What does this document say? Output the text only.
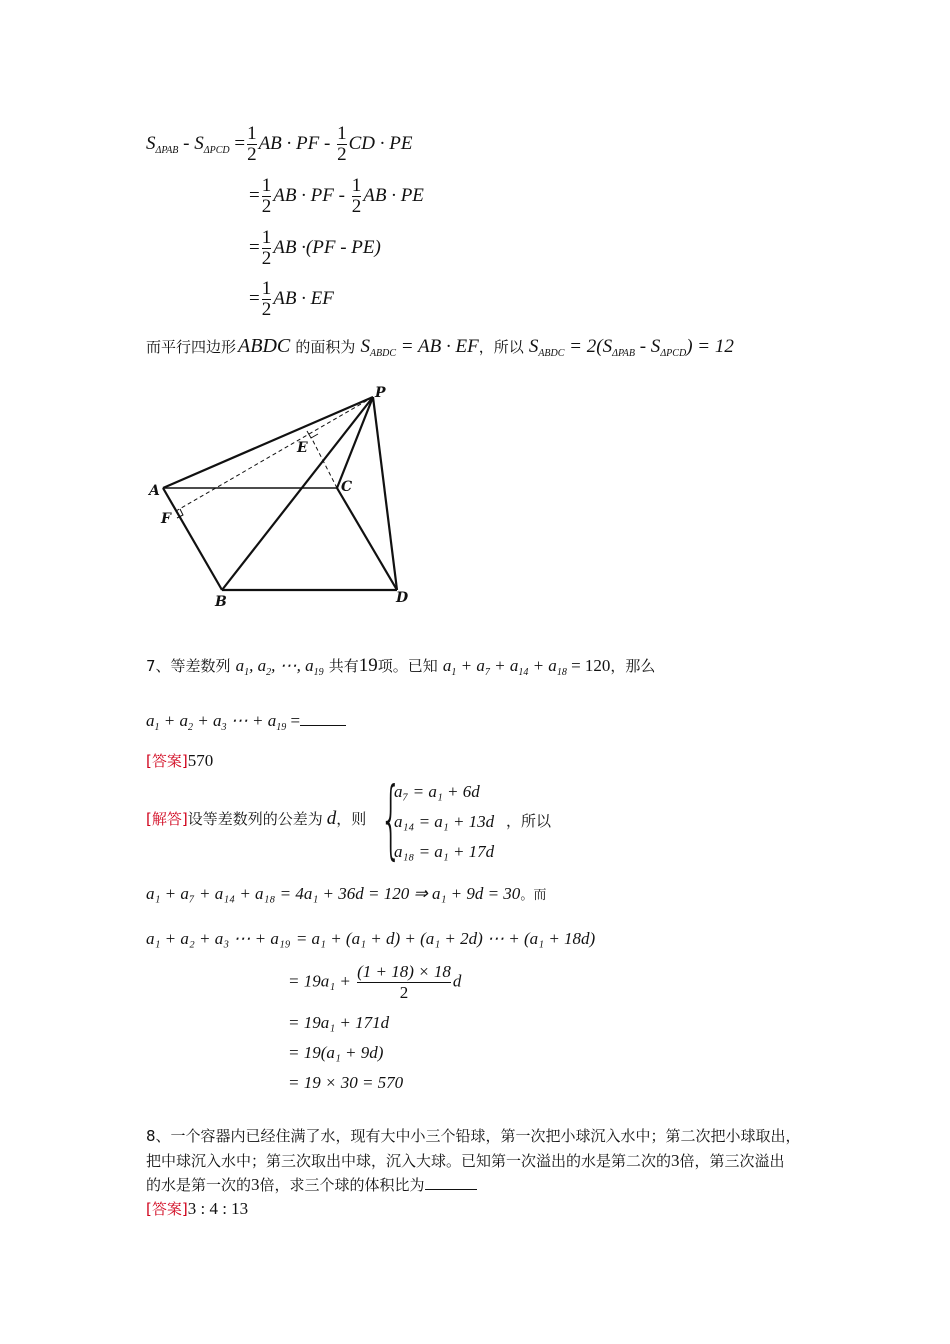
$S_{\Delta PAB} - S_{\Delta PCD} = \frac{1}{2}$ AB · PF - $\frac{1}{2}$ CD · PE
= $\frac{1}{2}$ AB · PF - $\frac{1}{2}$ AB · PE
= $\frac{1}{2}$ AB ·(PF - PE)
= $\frac{1}{2}$ AB · EF
而平行四边形 ABDC 的面积为 $S_{ABDC}$ = AB · EF，所以 $S_{ABDC} = 2(S_{\Delta PAB} - S_{\Delta PCD}) = 12$
P
E
A	C
F
B	D
7、等差数列 $a_1$, $a_2$, ⋯, $a_{19}$ 共有19项。已知 $a_1 + a_7 + a_{14} + a_{18} = 120$，那么
$a_1 + a_2 + a_3$ ⋯ + $a_{19}$ =
[答案]570
[解答]设等差数列的公差为 d，则 {
a₇ = a₁ + 6d
a₁₄ = a₁ + 13d
a₁₈ = a₁ + 17d
，所以
a₁ + a₇ + a₁₄ + a₁₈ = 4a₁ + 36d = 120 ⇒ a₁ + 9d = 30。而
a₁ + a₂ + a₃ ⋯ + a₁₉ = a₁ + (a₁ + d) + (a₁ + 2d) ⋯ + (a₁ + 18d)
= $19a_1 + \frac{(1 + 18) \times 18}{2}$ d
= 19a₁ + 171d
= 19(a₁ + 9d)
= 19 × 30 = 570
8、一个容器内已经住满了水，现有大中小三个铅球，第一次把小球沉入水中；第二次把小球取出，
把中球沉入水中；第三次取出中球，沉入大球。已知第一次溢出的水是第二次的3倍，第三次溢出
的水是第一次的3倍，求三个球的体积比为
[答案]3 : 4 : 13
